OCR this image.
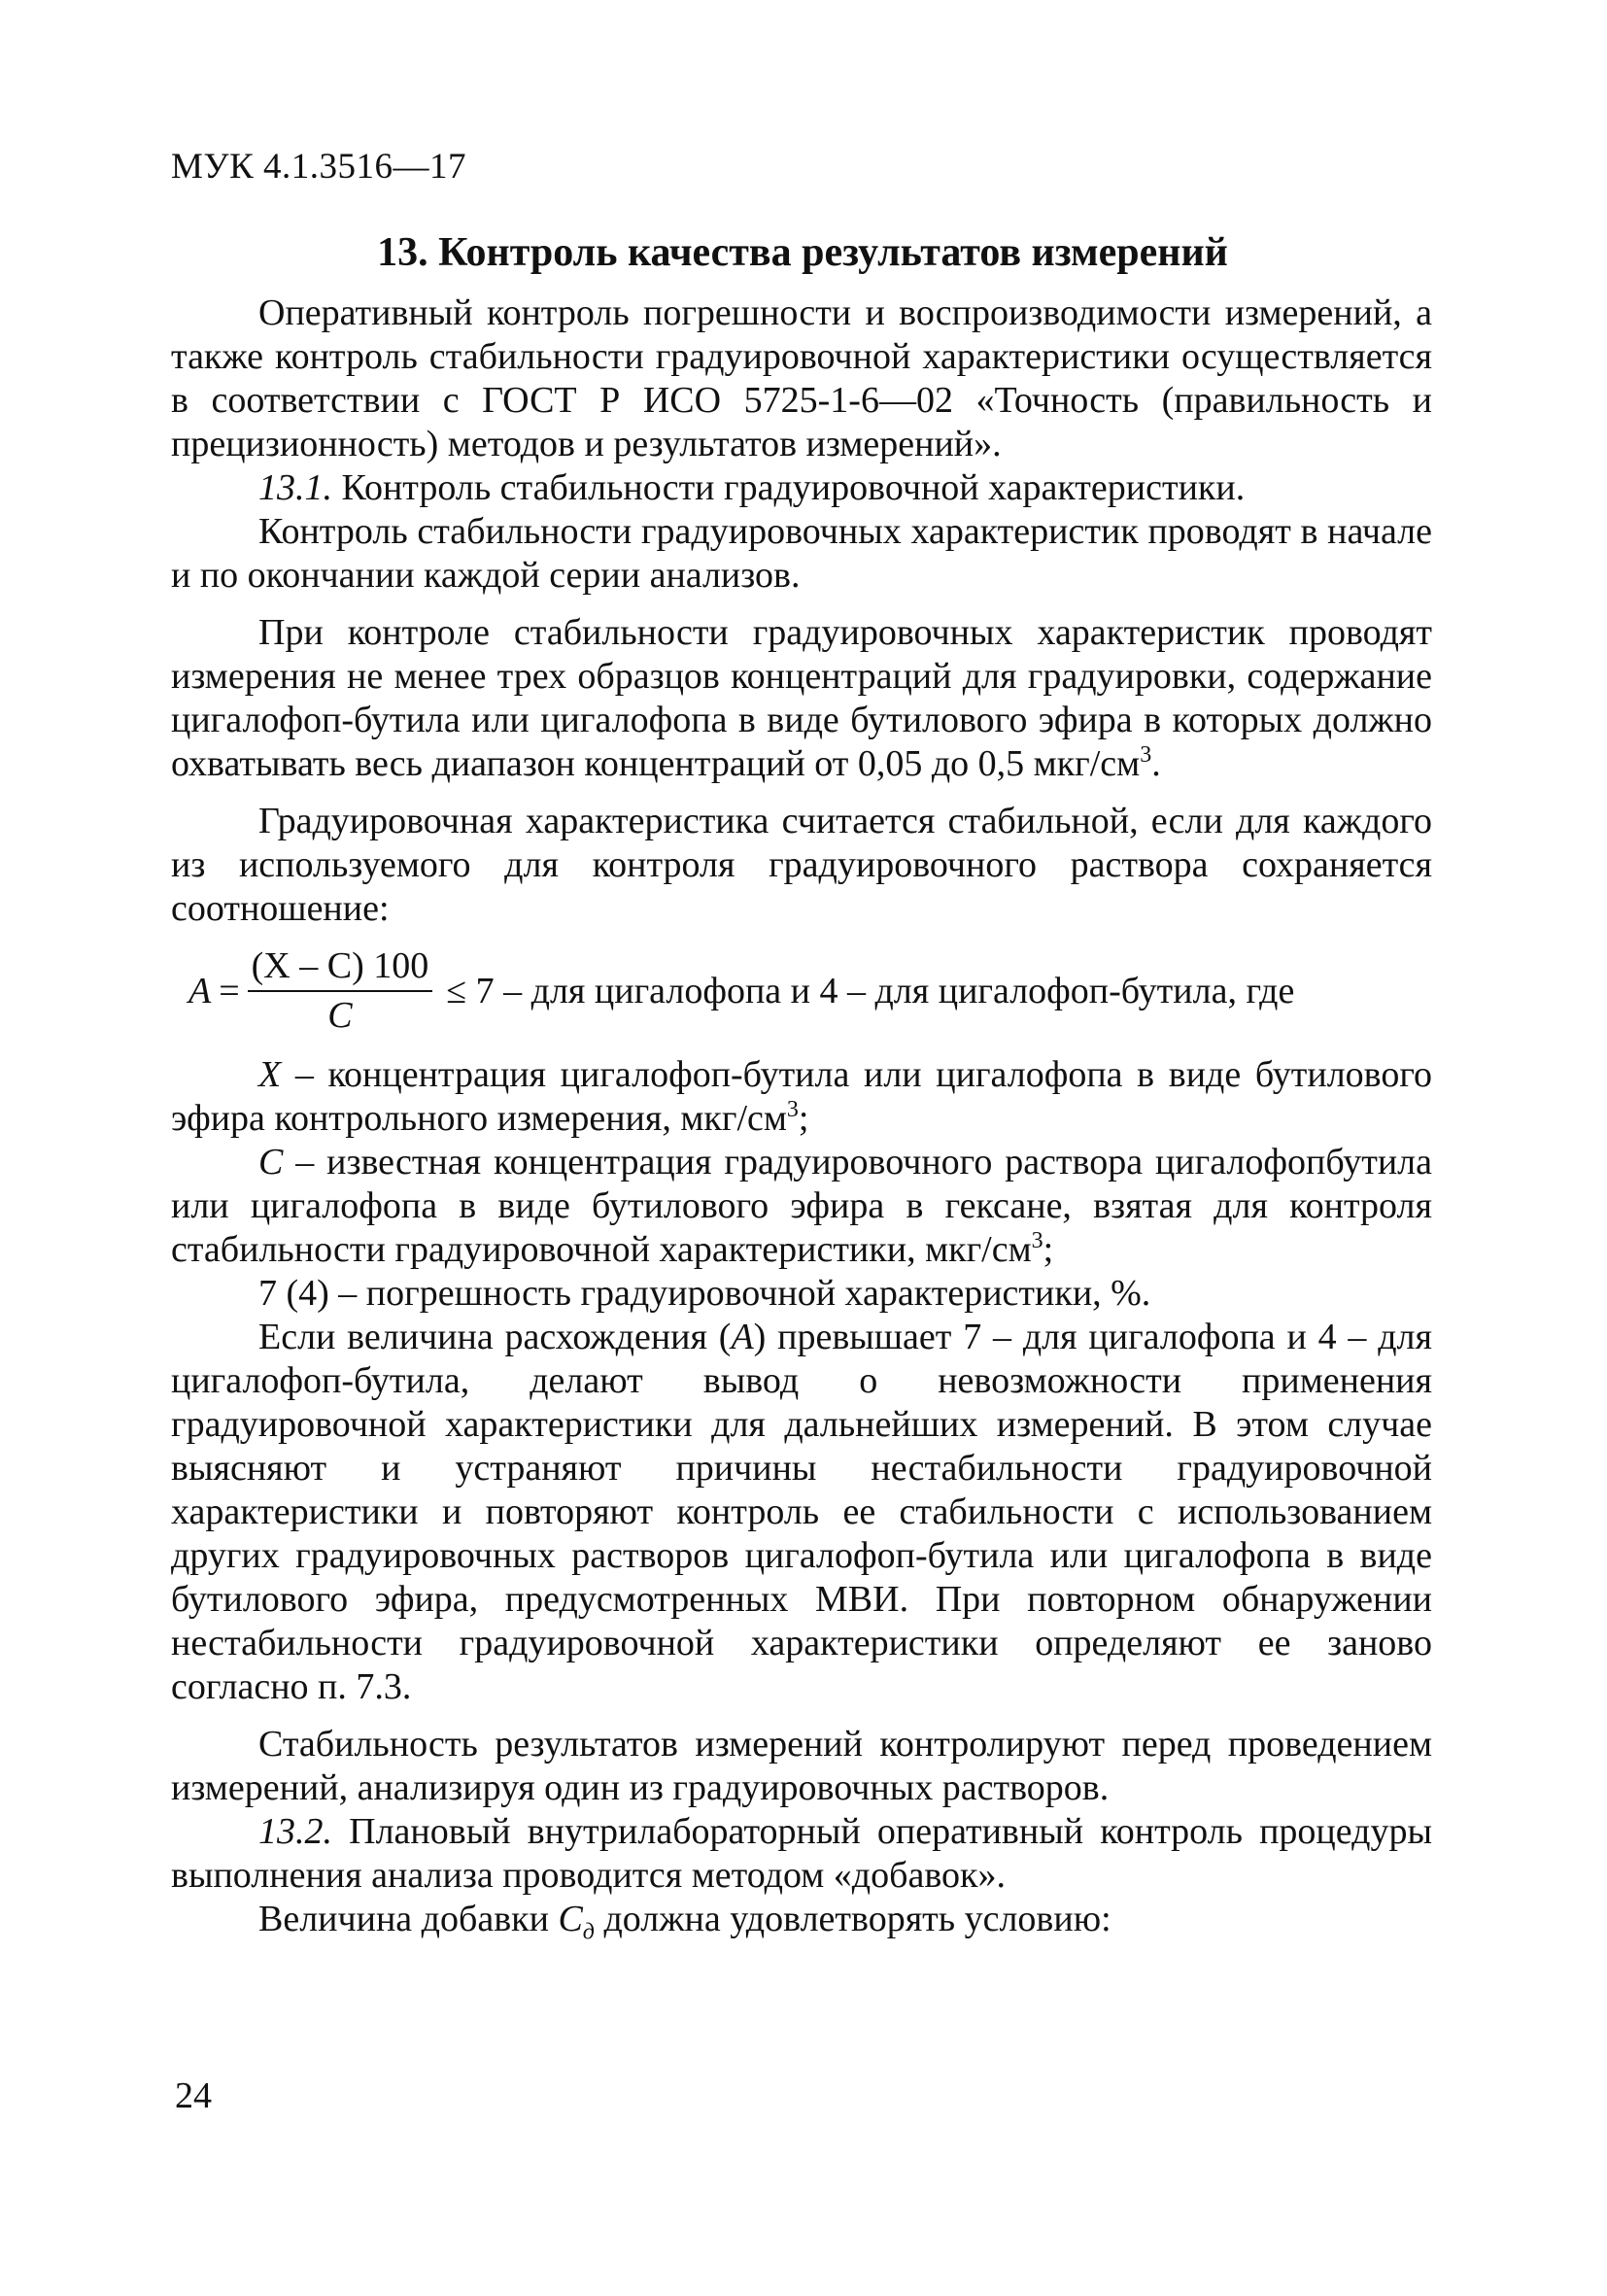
МУК 4.1.3516—17
13. Контроль качества результатов измерений

Оперативный контроль погрешности и воспроизводимости измерений, а также контроль стабильности градуировочной характеристики осуществляется в соответствии с ГОСТ Р ИСО 5725-1-6—02 «Точность (правильность и прецизионность) методов и результатов измерений».

13.1. Контроль стабильности градуировочной характеристики.

Контроль стабильности градуировочных характеристик проводят в начале и по окончании каждой серии анализов.

При контроле стабильности градуировочных характеристик проводят измерения не менее трех образцов концентраций для градуировки, содержание цигалофоп-бутила или цигалофопа в виде бутилового эфира в которых должно охватывать весь диапазон концентраций от 0,05 до 0,5 мкг/$см^3$.

Градуировочная характеристика считается стабильной, если для каждого из используемого для контроля градуировочного раствора сохраняется соотношение:

$A = \frac{(X - C) 100}{C} \le 7$ – для цигалофопа и 4 – для цигалофоп-бутила, где

X – концентрация цигалофоп-бутила или цигалофопа в виде бутилового эфира контрольного измерения, мкг/$см^3$;

C – известная концентрация градуировочного раствора цигалофопбутила или цигалофопа в виде бутилового эфира в гексане, взятая для контроля стабильности градуировочной характеристики, мкг/$см^3$;

7 (4) – погрешность градуировочной характеристики, %.

Если величина расхождения (A) превышает 7 – для цигалофопа и 4 – для цигалофоп-бутила, делают вывод о невозможности применения градуировочной характеристики для дальнейших измерений. В этом случае выясняют и устраняют причины нестабильности градуировочной характеристики и повторяют контроль ее стабильности с использованием других градуировочных растворов цигалофоп-бутила или цигалофопа в виде бутилового эфира, предусмотренных МВИ. При повторном обнаружении нестабильности градуировочной характеристики определяют ее заново согласно п. 7.3.

Стабильность результатов измерений контролируют перед проведением измерений, анализируя один из градуировочных растворов.

13.2. Плановый внутрилабораторный оперативный контроль процедуры выполнения анализа проводится методом «добавок».

Величина добавки $C_д$ должна удовлетворять условию:

24
